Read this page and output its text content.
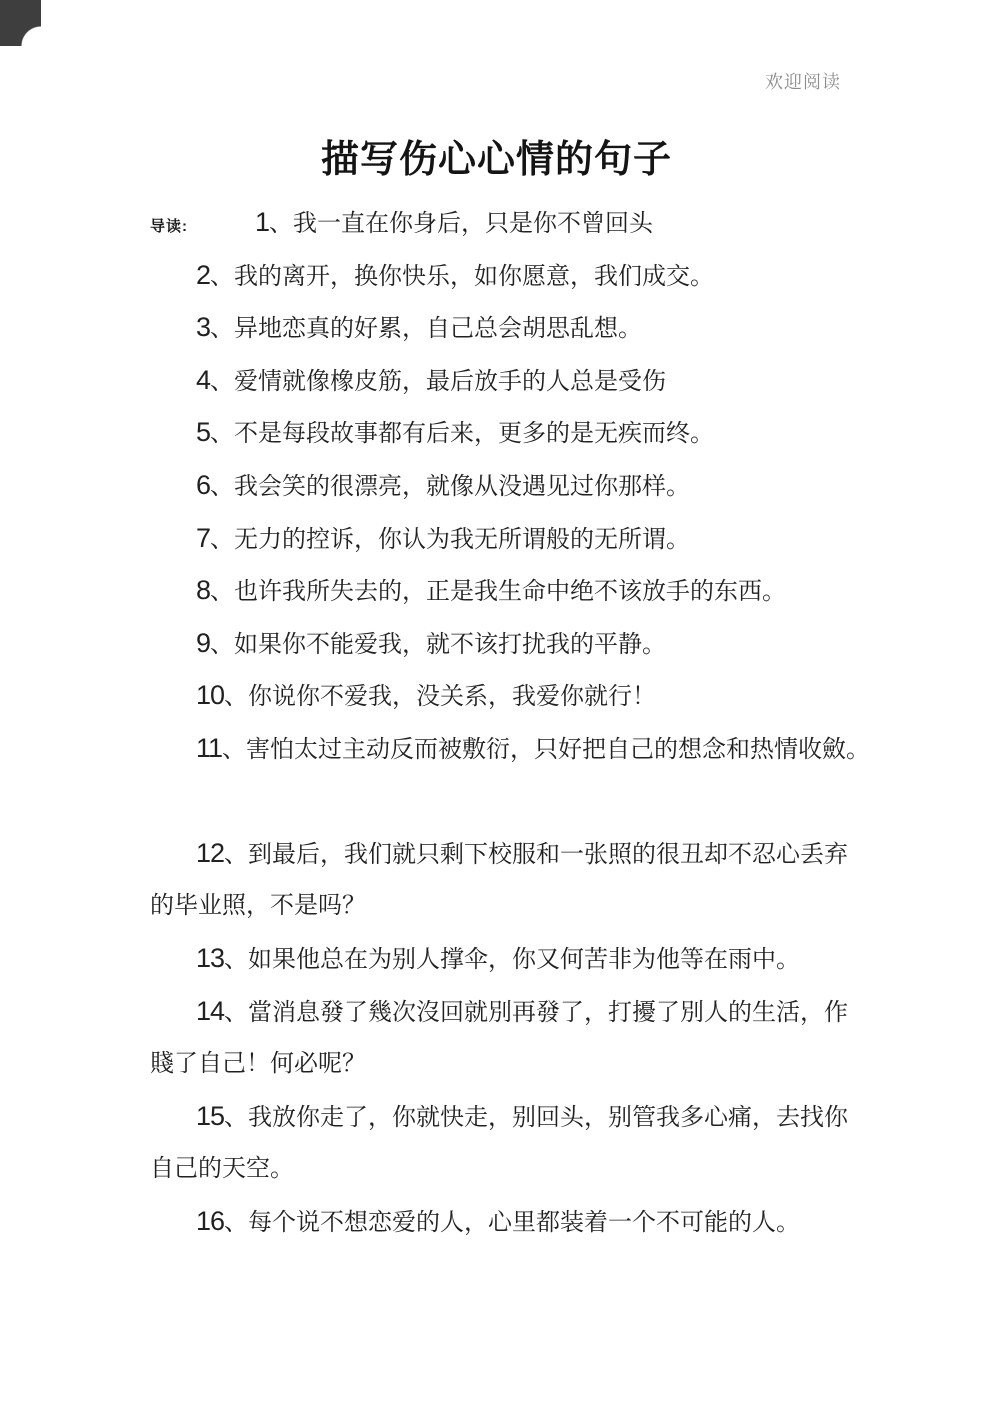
欢迎阅读
描写伤心心情的句子
导读: 1、我一直在你身后，只是你不曾回头
2、我的离开，换你快乐，如你愿意，我们成交。
3、异地恋真的好累，自己总会胡思乱想。
4、爱情就像橡皮筋，最后放手的人总是受伤
5、不是每段故事都有后来，更多的是无疾而终。
6、我会笑的很漂亮，就像从没遇见过你那样。
7、无力的控诉，你认为我无所谓般的无所谓。
8、也许我所失去的，正是我生命中绝不该放手的东西。
9、如果你不能爱我，就不该打扰我的平静。
10、你说你不爱我，没关系，我爱你就行！
11、害怕太过主动反而被敷衍，只好把自己的想念和热情收斂。
12、到最后，我们就只剩下校服和一张照的很丑却不忍心丢弃
的毕业照，不是吗？
13、如果他总在为别人撑伞，你又何苦非为他等在雨中。
14、當消息發了幾次沒回就別再發了，打擾了別人的生活，作
賤了自己！何必呢？
15、我放你走了，你就快走，别回头，别管我多心痛，去找你
自己的天空。
16、每个说不想恋爱的人，心里都装着一个不可能的人。
